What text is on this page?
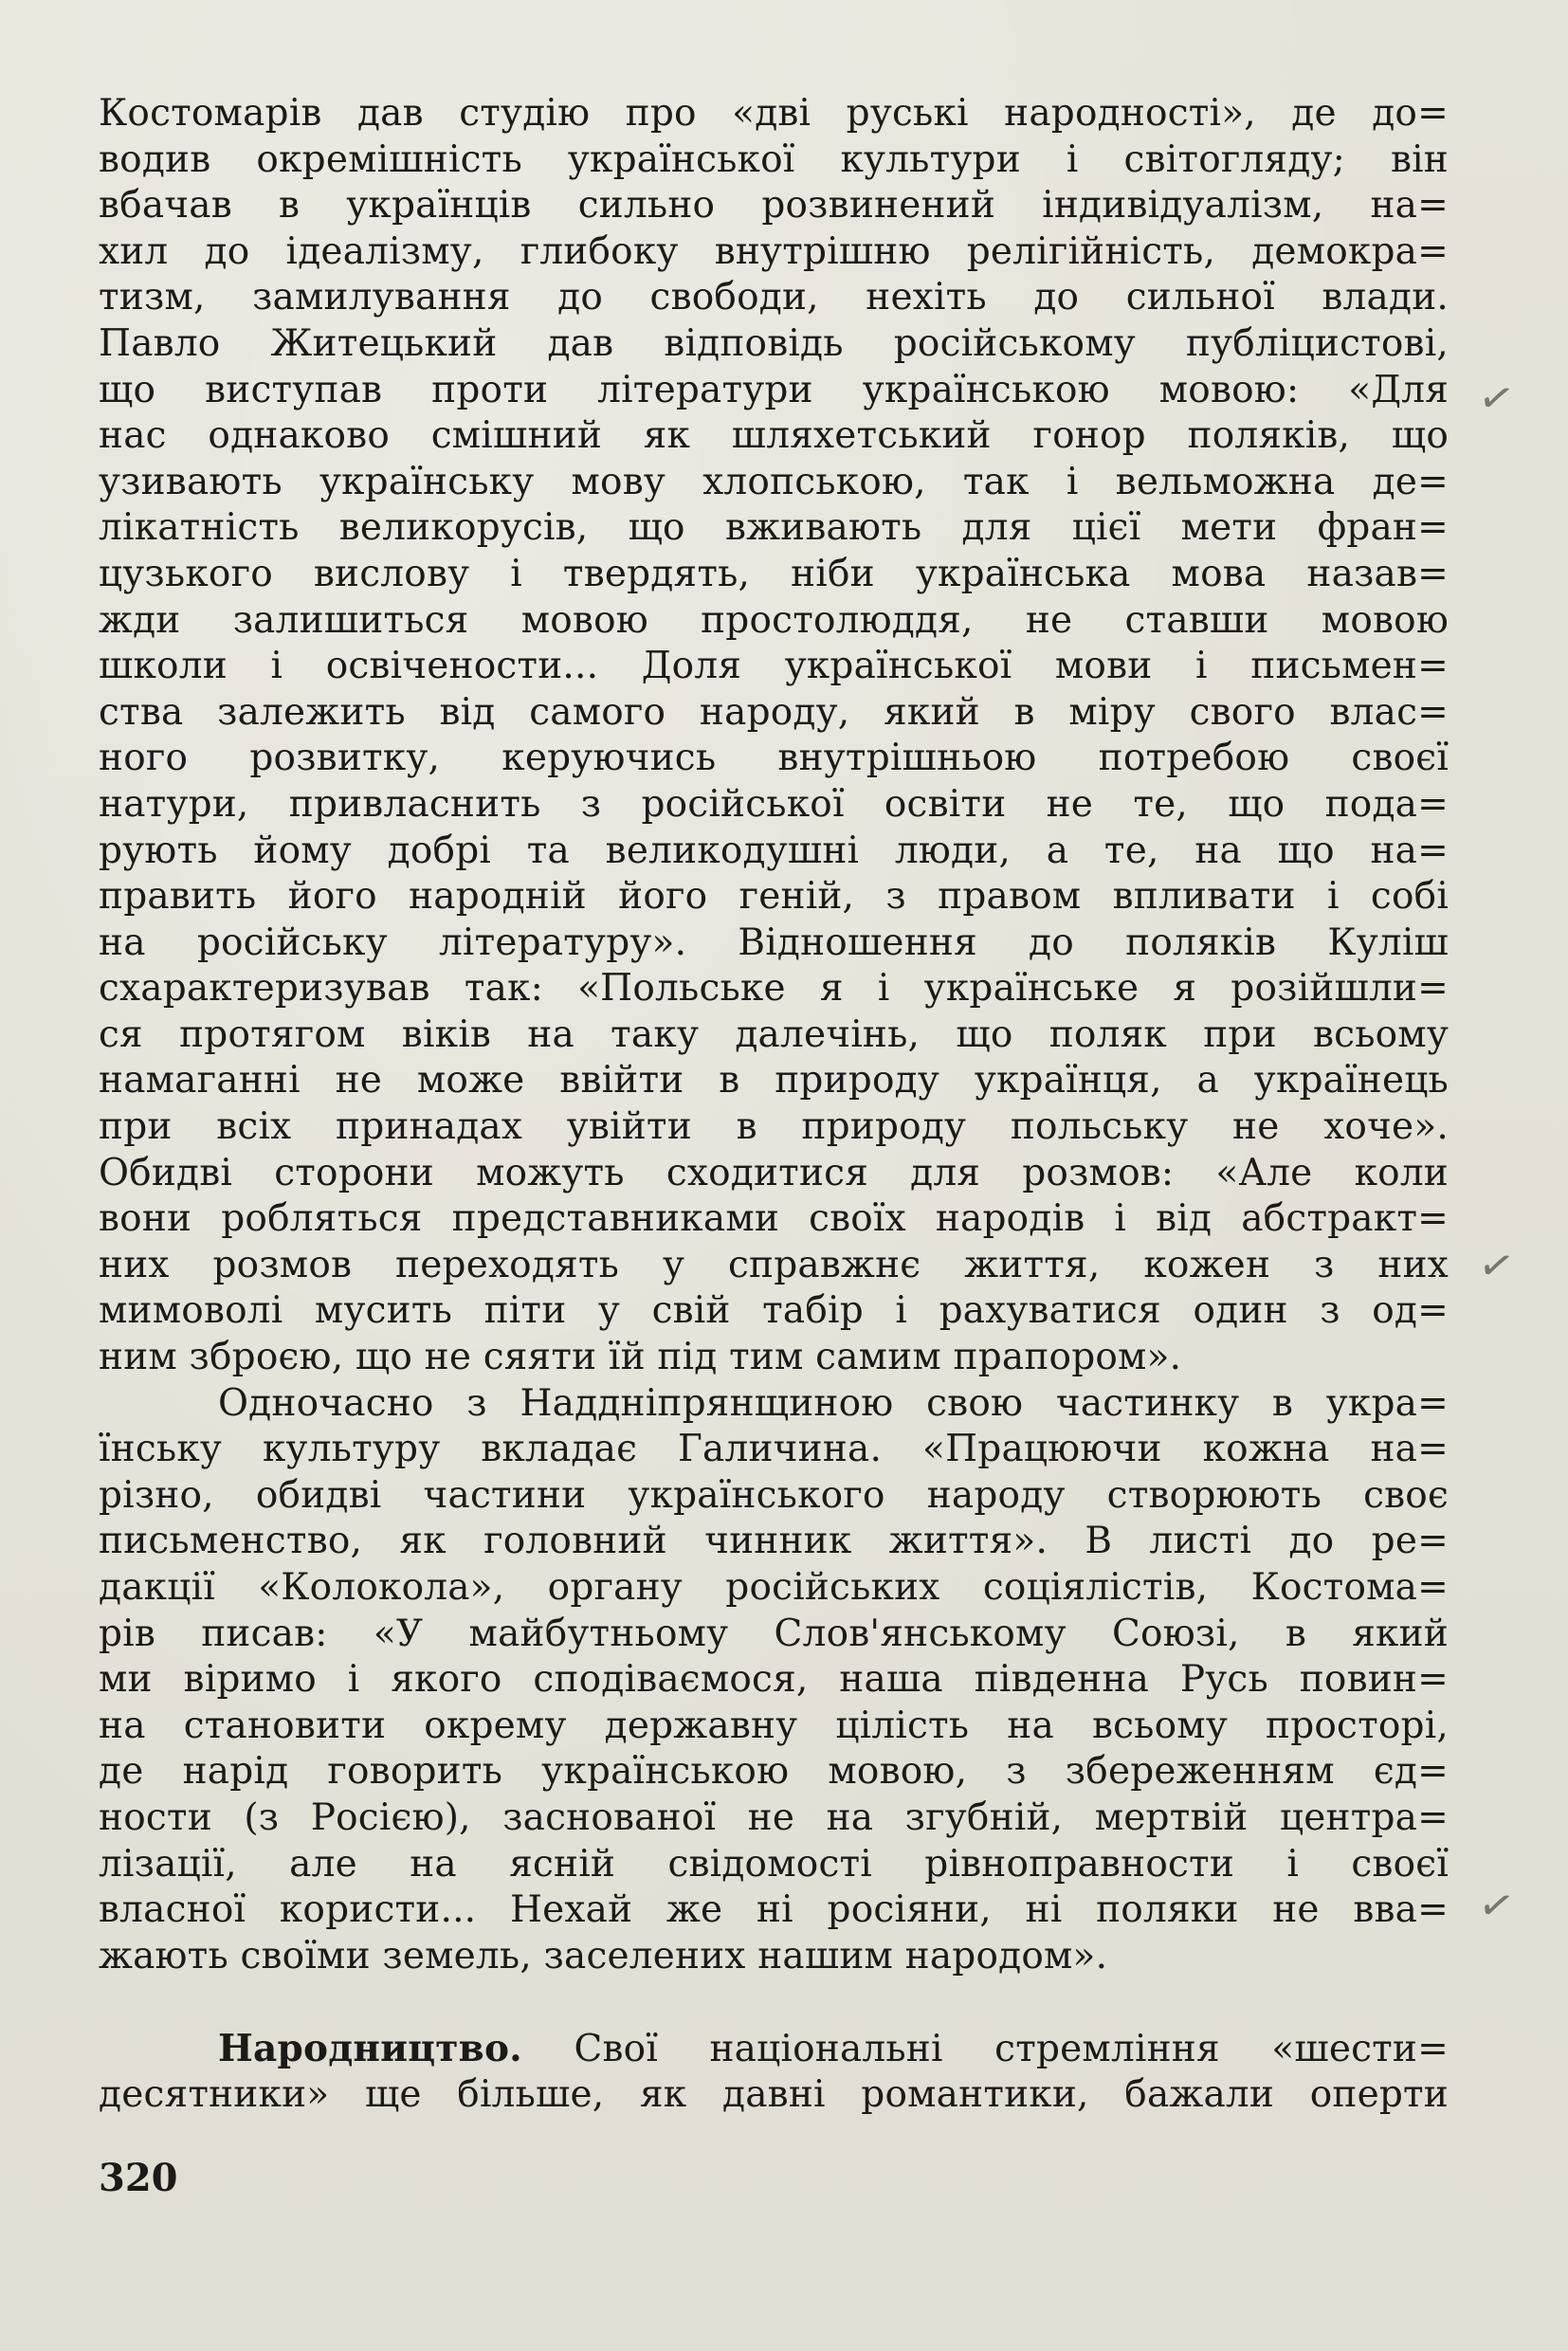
Костомарів дав студію про «дві руські народності», де до=
водив окремішність української культури і світогляду; він
вбачав в українців сильно розвинений індивідуалізм, на=
хил до ідеалізму, глибоку внутрішню релігійність, демокра=
тизм, замилування до свободи, нехіть до сильної влади.
Павло Житецький дав відповідь російському публіцистові,
що виступав проти літератури українською мовою: «Для
нас однаково смішний як шляхетський гонор поляків, що
узивають українську мову хлопською, так і вельможна де=
лікатність великорусів, що вживають для цієї мети фран=
цузького вислову і твердять, ніби українська мова назав=
жди залишиться мовою простолюддя, не ставши мовою
школи і освічености... Доля української мови і письмен=
ства залежить від самого народу, який в міру свого влас=
ного розвитку, керуючись внутрішньою потребою своєї
натури, привласнить з російської освіти не те, що пода=
рують йому добрі та великодушні люди, а те, на що на=
править його народній його геній, з правом впливати і собі
на російську літературу». Відношення до поляків Куліш
схарактеризував так: «Польське я і українське я розійшли=
ся протягом віків на таку далечінь, що поляк при всьому
намаганні не може ввійти в природу українця, а українець
при всіх принадах увійти в природу польську не хоче».
Обидві сторони можуть сходитися для розмов: «Але коли
вони робляться представниками своїх народів і від абстракт=
них розмов переходять у справжнє життя, кожен з них
мимоволі мусить піти у свій табір і рахуватися один з од=
ним зброєю, що не сяяти їй під тим самим прапором».
Одночасно з Наддніпрянщиною свою частинку в укра=
їнську культуру вкладає Галичина. «Працюючи кожна на=
різно, обидві частини українського народу створюють своє
письменство, як головний чинник життя». В листі до ре=
дакції «Колокола», органу російських соціялістів, Костома=
рів писав: «У майбутньому Слов'янському Союзі, в який
ми віримо і якого сподіваємося, наша південна Русь повин=
на становити окрему державну цілість на всьому просторі,
де нарід говорить українською мовою, з збереженням єд=
ности (з Росією), заснованої не на згубній, мертвій центра=
лізації, але на ясній свідомості рівноправности і своєї
власної користи... Нехай же ні росіяни, ні поляки не вва=
жають своїми земель, заселених нашим народом».
Народництво. Свої національні стремління «шести=
десятники» ще більше, як давні романтики, бажали оперти
320
✓
✓
✓
